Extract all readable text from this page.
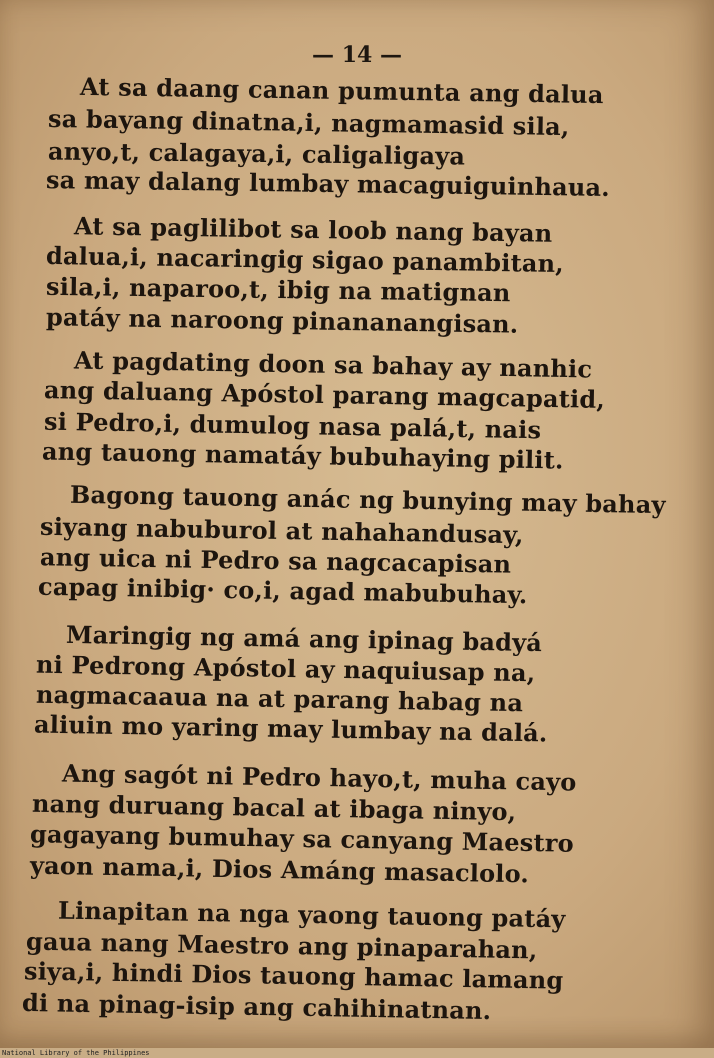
— 14 —

At sa daang canan pumunta ang dalua

sa bayang dinatna,i, nagmamasid sila,

anyo,t, calagaya,i, caligaligaya

sa may dalang lumbay macaguiguinhaua.

At sa paglilibot sa loob nang bayan

dalua,i, nacaringig sigao panambitan,

sila,i, naparoo,t, ibig na matignan

patáy na naroong pinananangisan.

At pagdating doon sa bahay ay nanhic

ang daluang Apóstol parang magcapatid,

si Pedro,i, dumulog nasa palá,t, nais

ang tauong namatáy bubuhaying pilit.

Bagong tauong anác ng bunying may bahay

siyang nabuburol at nahahandusay,

ang uica ni Pedro sa nagcacapisan

capag inibig· co,i, agad mabubuhay.

Maringig ng amá ang ipinag badyá

ni Pedrong Apóstol ay naquiusap na,

nagmacaaua na at parang habag na

aliuin mo yaring may lumbay na dalá.

Ang sagót ni Pedro hayo,t, muha cayo

nang duruang bacal at ibaga ninyo,

gagayang bumuhay sa canyang Maestro

yaon nama,i, Dios Amáng masaclolo.

Linapitan na nga yaong tauong patáy

gaua nang Maestro ang pinaparahan,

siya,i, hindi Dios tauong hamac lamang

di na pinag-isip ang cahihinatnan.

National Library of the Philippines
